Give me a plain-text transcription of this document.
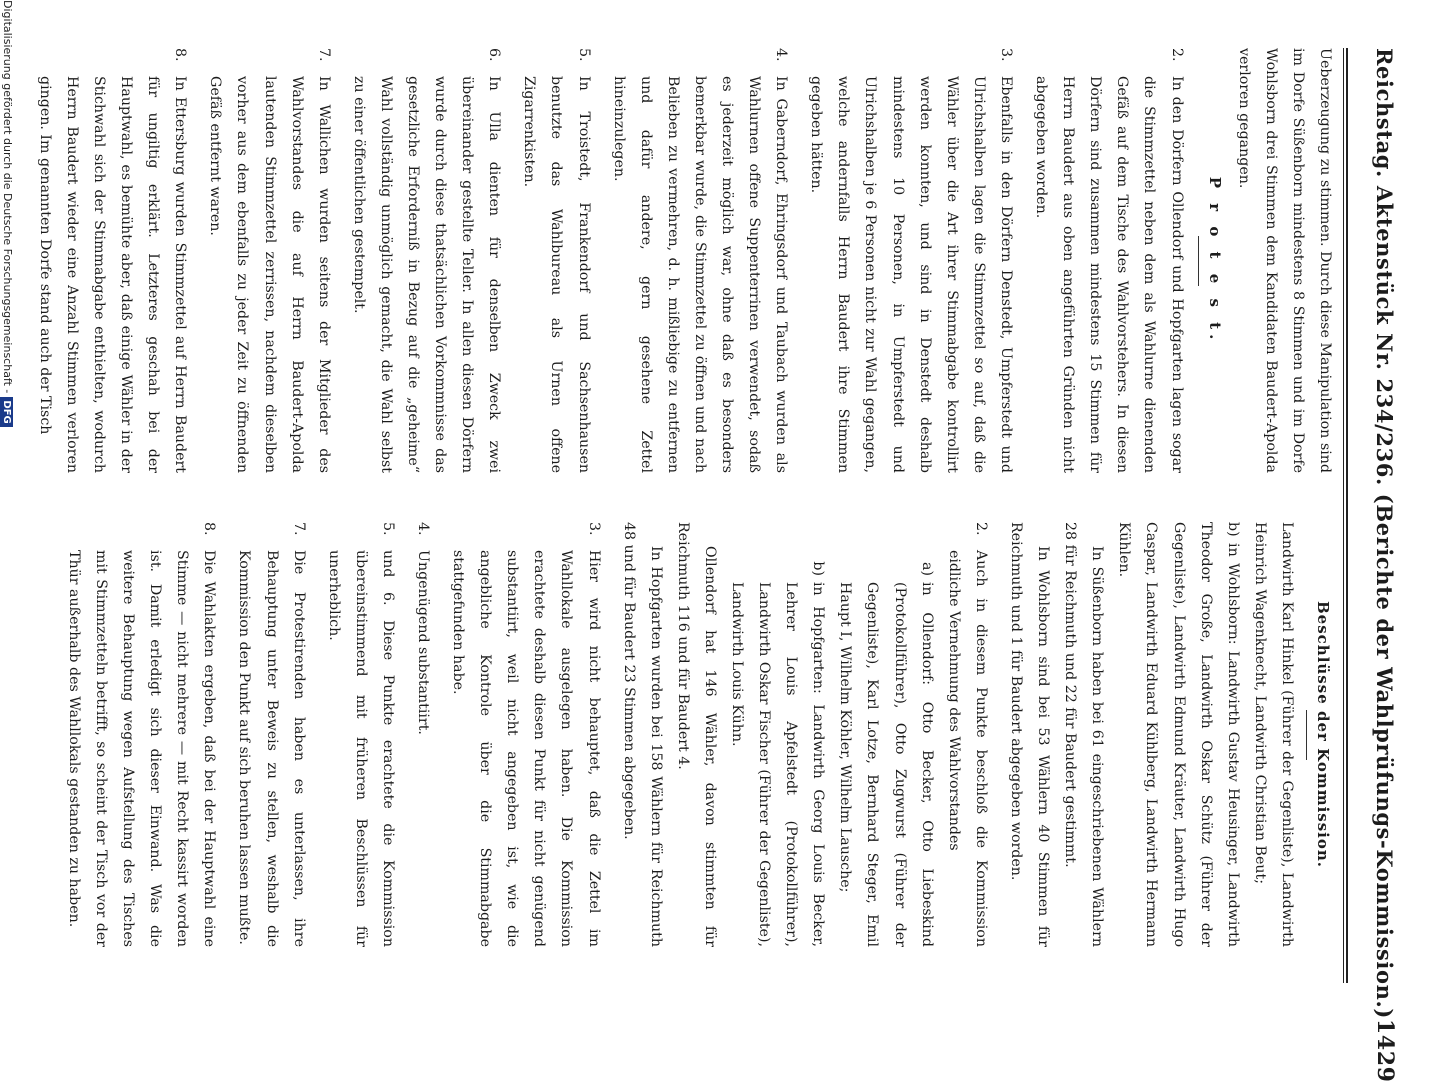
Reichstag. Aktenstück Nr. 234/236. (Berichte der Wahlprüfungs-Kommission.)
1429

Ueberzeugung zu stimmen. Durch diese Manipulation sind im Dorfe Süßenborn mindestens 8 Stimmen und im Dorfe Wohlsborn drei Stimmen dem Kandidaten Baudert-Apolda verloren gegangen.

P r o t e s t.
2.
In den Dörfern Ollendorf und Hopfgarten lagen sogar die Stimmzettel neben dem als Wahlurne dienenden Gefäß auf dem Tische des Wahlvorstehers. In diesen Dörfern sind zusammen mindestens 15 Stimmen für Herrn Baudert aus oben angeführten Gründen nicht abgegeben worden.
3.
Ebenfalls in den Dörfern Denstedt, Umpferstedt und Ulrichshalben lagen die Stimmzettel so auf, daß die Wähler über die Art ihrer Stimmabgabe kontrollirt werden konnten, und sind in Denstedt deshalb mindestens 10 Personen, in Umpferstedt und Ulrichshalben je 6 Personen nicht zur Wahl gegangen, welche andernfalls Herrn Baudert ihre Stimmen gegeben hätten.
4.
In Gaberndorf, Ehringsdorf und Taubach wurden als Wahlurnen offene Suppenterrinen verwendet, sodaß es jederzeit möglich war, ohne daß es besonders bemerkbar wurde, die Stimmzettel zu öffnen und nach Belieben zu vermehren, d. h. mißliebige zu entfernen und dafür andere, gern gesehene Zettel hineinzulegen.
5.
In Troistedt, Frankendorf und Sachsenhausen benutzte das Wahlbureau als Urnen offene Zigarrenkisten.
6.
In Ulla dienten für denselben Zweck zwei übereinander gestellte Teller. In allen diesen Dörfern wurde durch diese thatsächlichen Vorkommnisse das gesetzliche Erforderniß in Bezug auf die „geheime“ Wahl vollständig unmöglich gemacht, die Wahl selbst zu einer öffentlichen gestempelt.
7.
In Wallichen wurden seitens der Mitglieder des Wahlvorstandes die auf Herrn Baudert-Apolda lautenden Stimmzettel zerrissen, nachdem dieselben vorher aus dem ebenfalls zu jeder Zeit zu öffnenden Gefäß entfernt waren.
8.
In Ettersburg wurden Stimmzettel auf Herrn Baudert für ungiltig erklärt. Letzteres geschah bei der Hauptwahl, es bemühte aber, daß einige Wähler in der Stichwahl sich der Stimmabgabe enthielten, wodurch Herrn Baudert wieder eine Anzahl Stimmen verloren gingen. Im genannten Dorfe stand auch der Tisch
Beschlüsse der Kommission.

Landwirth Karl Hinkel (Führer der Gegenliste), Landwirth Heinrich Wagenknecht, Landwirth Christian Beut;

b) in Wohlsborn: Landwirth Gustav Heusinger, Landwirth Theodor Große, Landwirth Oskar Schütz (Führer der Gegenliste), Landwirth Edmund Kräuter, Landwirth Hugo Caspar, Landwirth Eduard Kühlberg, Landwirth Hermann Kühlen.

In Süßenborn haben bei 61 eingeschriebenen Wählern 28 für Reichmuth und 22 für Baudert gestimmt.

In Wohlsborn sind bei 53 Wählern 40 Stimmen für Reichmuth und 1 für Baudert abgegeben worden.

2.
Auch in diesem Punkte beschloß die Kommission eidliche Vernehmung des Wahlvorstandes
a)
in Ollendorf: Otto Becker, Otto Liebeskind (Protokollführer), Otto Zugwurst (Führer der Gegenliste), Karl Lotze, Bernhard Steger, Emil Haupt I, Wilhelm Köhler, Wilhelm Lausche;
b)
in Hopfgarten: Landwirth Georg Louis Becker, Lehrer Louis Apfelstedt (Protokollführer), Landwirth Oskar Fischer (Führer der Gegenliste), Landwirth Louis Kühn.

Ollendorf hat 146 Wähler, davon stimmten für Reichmuth 116 und für Baudert 4.

In Hopfgarten wurden bei 158 Wählern für Reichmuth 48 und für Baudert 23 Stimmen abgegeben.

3.
Hier wird nicht behauptet, daß die Zettel im Wahllokale ausgelegen haben. Die Kommission erachtete deshalb diesen Punkt für nicht genügend substantiirt, weil nicht angegeben ist, wie die angebliche Kontrole über die Stimmabgabe stattgefunden habe.
4.
Ungenügend substantiirt.
5.
und 6. Diese Punkte erachtete die Kommission übereinstimmend mit früheren Beschlüssen für unerheblich.
7.
Die Protestirenden haben es unterlassen, ihre Behauptung unter Beweis zu stellen, weshalb die Kommission den Punkt auf sich beruhen lassen mußte.
8.
Die Wahlakten ergeben, daß bei der Hauptwahl eine Stimme — nicht mehrere — mit Recht kassirt worden ist. Damit erledigt sich dieser Einwand. Was die weitere Behauptung wegen Aufstellung des Tisches mit Stimmzetteln betrifft, so scheint der Tisch vor der Thür außerhalb des Wahllokals gestanden zu haben.
Digitalisierung gefördert durch die Deutsche Forschungsgemeinschaft -DFG
